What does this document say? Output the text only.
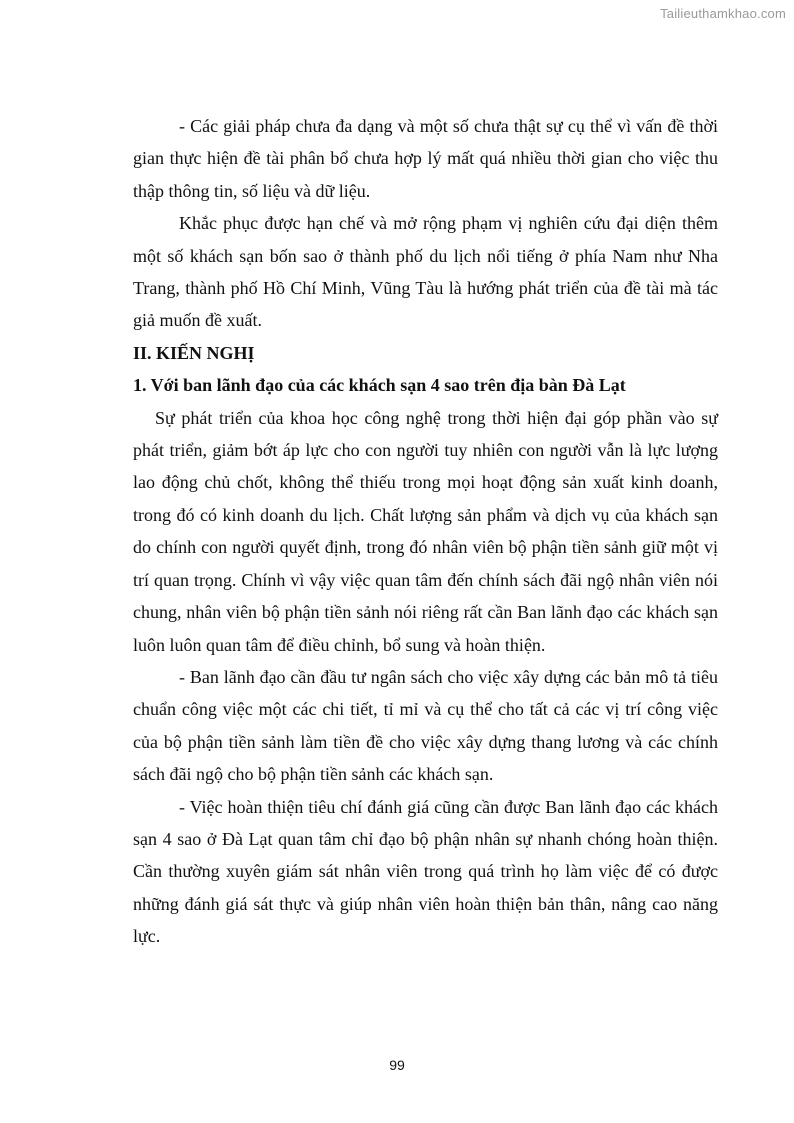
Tailieuthamkhao.com

- Các giải pháp chưa đa dạng và một số chưa thật sự cụ thể vì vấn đề thời gian thực hiện đề tài phân bổ chưa hợp lý mất quá nhiều thời gian cho việc thu thập thông tin, số liệu và dữ liệu.

Khắc phục được hạn chế và mở rộng phạm vị nghiên cứu đại diện thêm một số khách sạn bốn sao ở thành phố du lịch nổi tiếng ở phía Nam như Nha Trang, thành phố Hồ Chí Minh, Vũng Tàu là hướng phát triển của đề tài mà tác giả muốn đề xuất.

II. KIẾN NGHỊ

1. Với ban lãnh đạo của các khách sạn 4 sao trên địa bàn Đà Lạt

Sự phát triển của khoa học công nghệ trong thời hiện đại góp phần vào sự phát triển, giảm bớt áp lực cho con người tuy nhiên con người vẫn là lực lượng lao động chủ chốt, không thể thiếu trong mọi hoạt động sản xuất kinh doanh, trong đó có kinh doanh du lịch. Chất lượng sản phẩm và dịch vụ của khách sạn do chính con người quyết định, trong đó nhân viên bộ phận tiền sảnh giữ một vị trí quan trọng. Chính vì vậy việc quan tâm đến chính sách đãi ngộ nhân viên nói chung, nhân viên bộ phận tiền sảnh nói riêng rất cần Ban lãnh đạo các khách sạn luôn luôn quan tâm để điều chỉnh, bổ sung và hoàn thiện.

- Ban lãnh đạo cần đầu tư ngân sách cho việc xây dựng các bản mô tả tiêu chuẩn công việc một các chi tiết, tỉ mỉ và cụ thể cho tất cả các vị trí công việc của bộ phận tiền sảnh làm tiền đề cho việc xây dựng thang lương và các chính sách đãi ngộ cho bộ phận tiền sảnh các khách sạn.

- Việc hoàn thiện tiêu chí đánh giá cũng cần được Ban lãnh đạo các khách sạn 4 sao ở Đà Lạt quan tâm chỉ đạo bộ phận nhân sự nhanh chóng hoàn thiện. Cần thường xuyên giám sát nhân viên trong quá trình họ làm việc để có được những đánh giá sát thực và giúp nhân viên hoàn thiện bản thân, nâng cao năng lực.

99
